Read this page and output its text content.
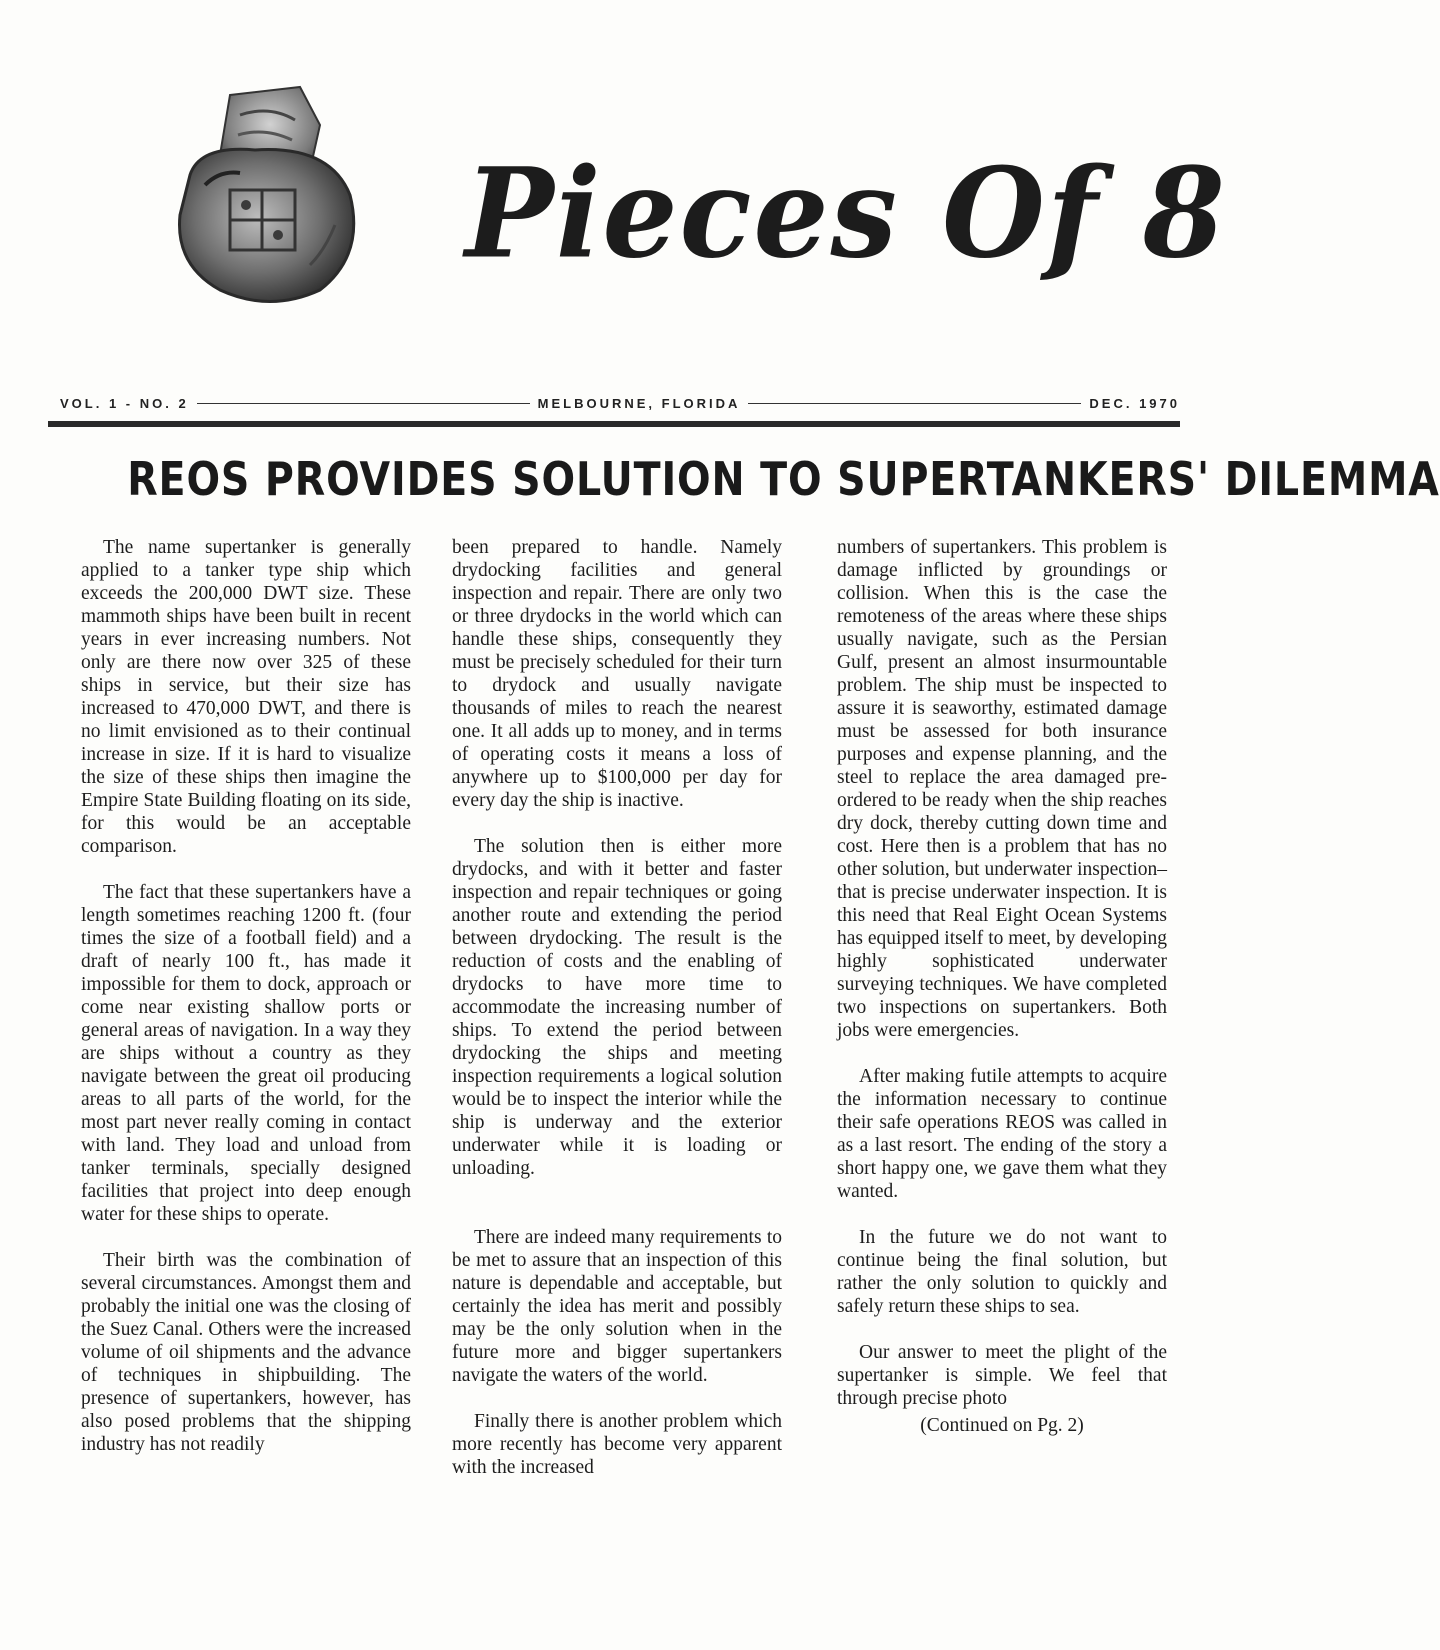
Pieces Of 8
VOL. 1 - NO. 2	MELBOURNE, FLORIDA	DEC. 1970
REOS PROVIDES SOLUTION TO SUPERTANKERS' DILEMMA

The name supertanker is generally applied to a tanker type ship which exceeds the 200,000 DWT size. These mammoth ships have been built in recent years in ever increasing numbers. Not only are there now over 325 of these ships in service, but their size has increased to 470,000 DWT, and there is no limit envisioned as to their continual increase in size. If it is hard to visualize the size of these ships then imagine the Empire State Building floating on its side, for this would be an acceptable comparison.

The fact that these supertankers have a length sometimes reaching 1200 ft. (four times the size of a football field) and a draft of nearly 100 ft., has made it impossible for them to dock, approach or come near existing shallow ports or general areas of navigation. In a way they are ships without a country as they navigate between the great oil producing areas to all parts of the world, for the most part never really coming in contact with land. They load and unload from tanker terminals, specially designed facilities that project into deep enough water for these ships to operate.

Their birth was the combination of several circumstances. Amongst them and probably the initial one was the closing of the Suez Canal. Others were the increased volume of oil shipments and the advance of techniques in shipbuilding. The presence of supertankers, however, has also posed problems that the shipping industry has not readily

been prepared to handle. Namely drydocking facilities and general inspection and repair. There are only two or three drydocks in the world which can handle these ships, consequently they must be precisely scheduled for their turn to drydock and usually navigate thousands of miles to reach the nearest one. It all adds up to money, and in terms of operating costs it means a loss of anywhere up to $100,000 per day for every day the ship is inactive.

The solution then is either more drydocks, and with it better and faster inspection and repair techniques or going another route and extending the period between drydocking. The result is the reduction of costs and the enabling of drydocks to have more time to accommodate the increasing number of ships. To extend the period between drydocking the ships and meeting inspection requirements a logical solution would be to inspect the interior while the ship is underway and the exterior underwater while it is loading or unloading.

There are indeed many requirements to be met to assure that an inspection of this nature is dependable and acceptable, but certainly the idea has merit and possibly may be the only solution when in the future more and bigger supertankers navigate the waters of the world.

Finally there is another problem which more recently has become very apparent with the increased

numbers of supertankers. This problem is damage inflicted by groundings or collision. When this is the case the remoteness of the areas where these ships usually navigate, such as the Persian Gulf, present an almost insurmountable problem. The ship must be inspected to assure it is seaworthy, estimated damage must be assessed for both insurance purposes and expense planning, and the steel to replace the area damaged pre-ordered to be ready when the ship reaches dry dock, thereby cutting down time and cost. Here then is a problem that has no other solution, but underwater inspection–that is precise underwater inspection. It is this need that Real Eight Ocean Systems has equipped itself to meet, by developing highly sophisticated underwater surveying techniques. We have completed two inspections on supertankers. Both jobs were emergencies.

After making futile attempts to acquire the information necessary to continue their safe operations REOS was called in as a last resort. The ending of the story a short happy one, we gave them what they wanted.

In the future we do not want to continue being the final solution, but rather the only solution to quickly and safely return these ships to sea.

Our answer to meet the plight of the supertanker is simple. We feel that through precise photo

(Continued on Pg. 2)
